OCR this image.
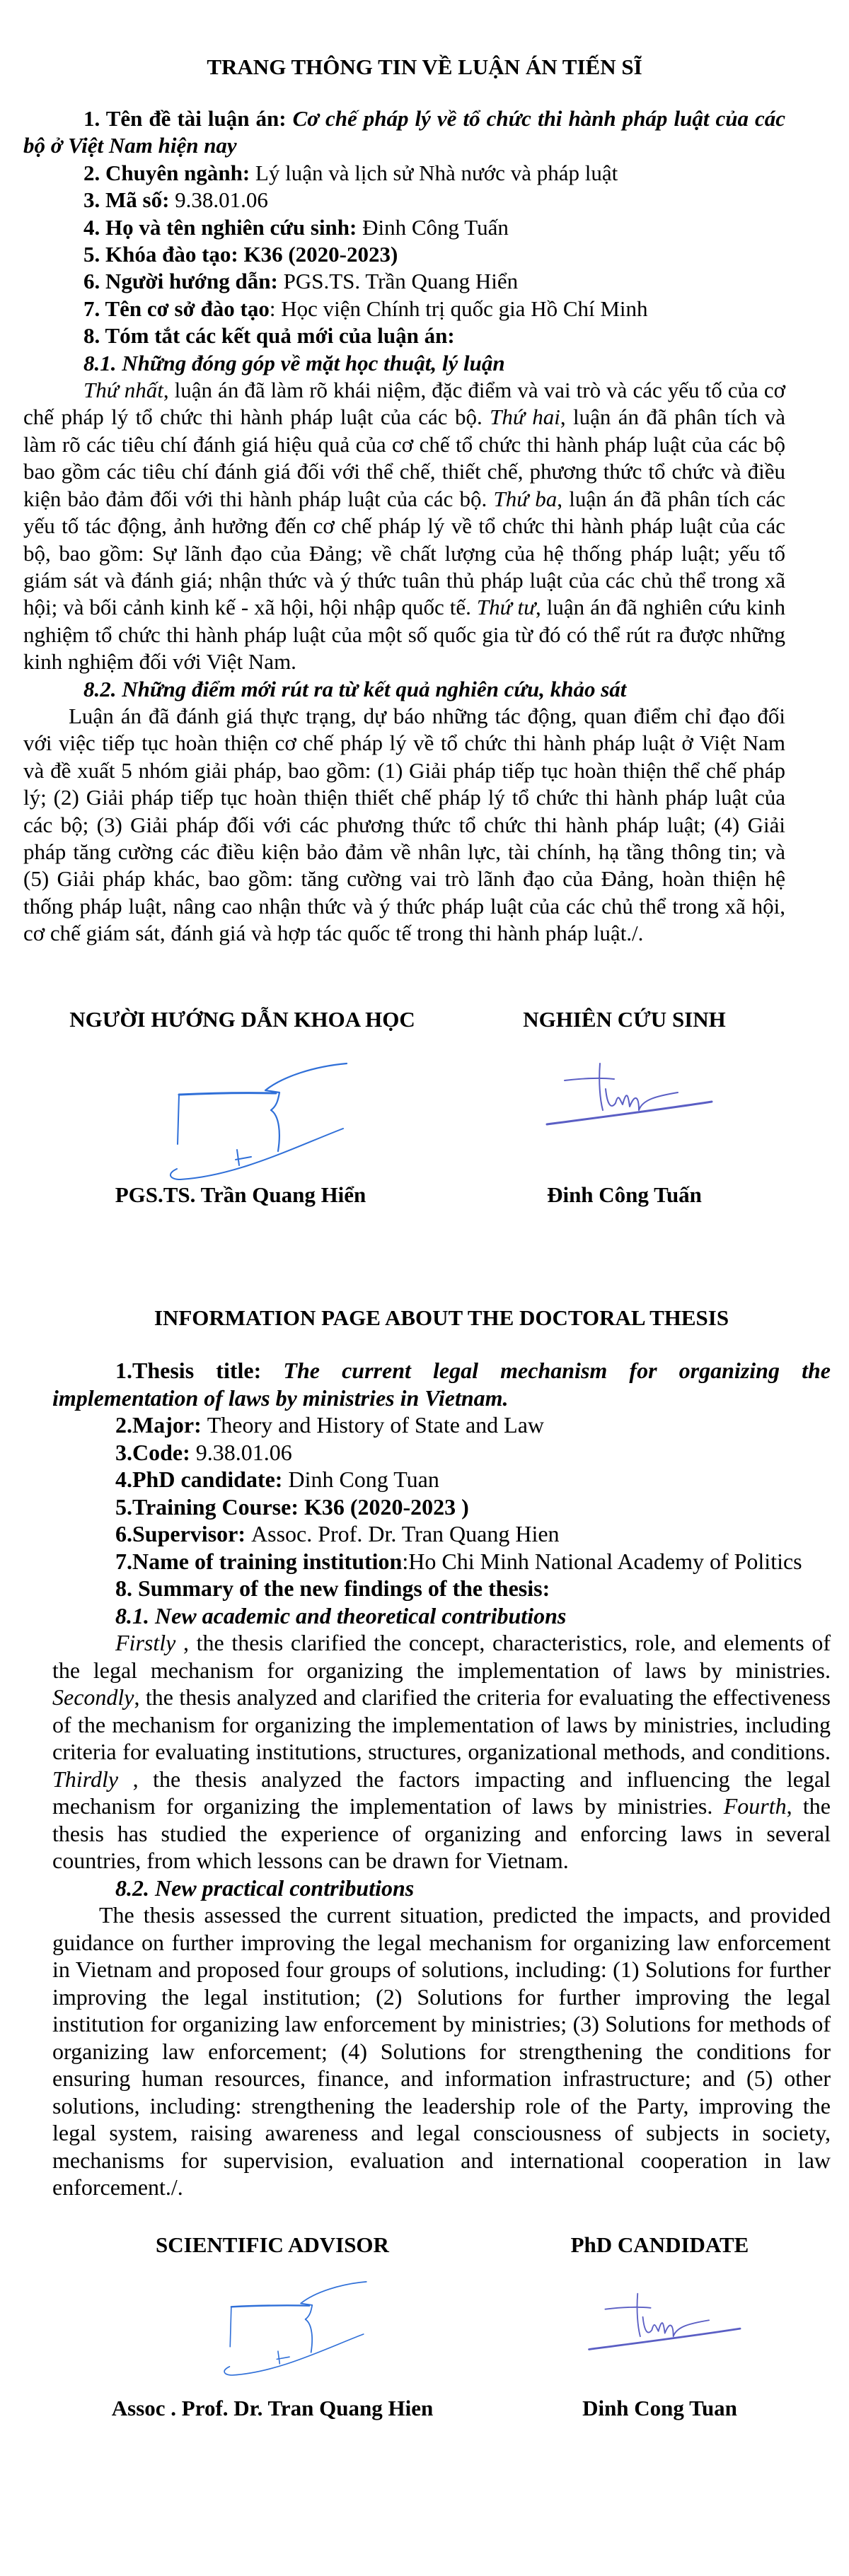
TRANG THÔNG TIN VỀ LUẬN ÁN TIẾN SĨ

1. Tên đề tài luận án: Cơ chế pháp lý về tổ chức thi hành pháp luật của các bộ ở Việt Nam hiện nay

2. Chuyên ngành: Lý luận và lịch sử Nhà nước và pháp luật

3. Mã số: 9.38.01.06

4. Họ và tên nghiên cứu sinh: Đinh Công Tuấn

5. Khóa đào tạo: K36 (2020-2023)

6. Người hướng dẫn: PGS.TS. Trần Quang Hiển

7. Tên cơ sở đào tạo: Học viện Chính trị quốc gia Hồ Chí Minh

8. Tóm tắt các kết quả mới của luận án:

8.1. Những đóng góp về mặt học thuật, lý luận

Thứ nhất, luận án đã làm rõ khái niệm, đặc điểm và vai trò và các yếu tố của cơ chế pháp lý tổ chức thi hành pháp luật của các bộ. Thứ hai, luận án đã phân tích và làm rõ các tiêu chí đánh giá hiệu quả của cơ chế tổ chức thi hành pháp luật của các bộ bao gồm các tiêu chí đánh giá đối với thể chế, thiết chế, phương thức tổ chức và điều kiện bảo đảm đối với thi hành pháp luật của các bộ. Thứ ba, luận án đã phân tích các yếu tố tác động, ảnh hưởng đến cơ chế pháp lý về tổ chức thi hành pháp luật của các bộ, bao gồm: Sự lãnh đạo của Đảng; về chất lượng của hệ thống pháp luật; yếu tố giám sát và đánh giá; nhận thức và ý thức tuân thủ pháp luật của các chủ thể trong xã hội; và bối cảnh kinh kế - xã hội, hội nhập quốc tế. Thứ tư, luận án đã nghiên cứu kinh nghiệm tổ chức thi hành pháp luật của một số quốc gia từ đó có thể rút ra được những kinh nghiệm đối với Việt Nam.

8.2. Những điểm mới rút ra từ kết quả nghiên cứu, khảo sát

Luận án đã đánh giá thực trạng, dự báo những tác động, quan điểm chỉ đạo đối với việc tiếp tục hoàn thiện cơ chế pháp lý về tổ chức thi hành pháp luật ở Việt Nam và đề xuất 5 nhóm giải pháp, bao gồm: (1) Giải pháp tiếp tục hoàn thiện thể chế pháp lý; (2) Giải pháp tiếp tục hoàn thiện thiết chế pháp lý tổ chức thi hành pháp luật của các bộ; (3) Giải pháp đối với các phương thức tổ chức thi hành pháp luật; (4) Giải pháp tăng cường các điều kiện bảo đảm về nhân lực, tài chính, hạ tầng thông tin; và (5) Giải pháp khác, bao gồm: tăng cường vai trò lãnh đạo của Đảng, hoàn thiện hệ thống pháp luật, nâng cao nhận thức và ý thức pháp luật của các chủ thể trong xã hội, cơ chế giám sát, đánh giá và hợp tác quốc tế trong thi hành pháp luật./.

NGƯỜI HƯỚNG DẪN KHOA HỌC	NGHIÊN CỨU SINH
PGS.TS. Trần Quang Hiển	Đinh Công Tuấn
INFORMATION PAGE ABOUT THE DOCTORAL THESIS

1.Thesis title: The current legal mechanism for organizing the implementation of laws by ministries in Vietnam.

2.Major: Theory and History of State and Law

3.Code: 9.38.01.06

4.PhD candidate: Dinh Cong Tuan

5.Training Course: K36 (2020-2023 )

6.Supervisor: Assoc. Prof. Dr. Tran Quang Hien

7.Name of training institution:Ho Chi Minh National Academy of Politics

8. Summary of the new findings of the thesis:

8.1. New academic and theoretical contributions

Firstly , the thesis clarified the concept, characteristics, role, and elements of the legal mechanism for organizing the implementation of laws by ministries. Secondly, the thesis analyzed and clarified the criteria for evaluating the effectiveness of the mechanism for organizing the implementation of laws by ministries, including criteria for evaluating institutions, structures, organizational methods, and conditions. Thirdly , the thesis analyzed the factors impacting and influencing the legal mechanism for organizing the implementation of laws by ministries. Fourth, the thesis has studied the experience of organizing and enforcing laws in several countries, from which lessons can be drawn for Vietnam.

8.2. New practical contributions

The thesis assessed the current situation, predicted the impacts, and provided guidance on further improving the legal mechanism for organizing law enforcement in Vietnam and proposed four groups of solutions, including: (1) Solutions for further improving the legal institution; (2) Solutions for further improving the legal institution for organizing law enforcement by ministries; (3) Solutions for methods of organizing law enforcement; (4) Solutions for strengthening the conditions for ensuring human resources, finance, and information infrastructure; and (5) other solutions, including: strengthening the leadership role of the Party, improving the legal system, raising awareness and legal consciousness of subjects in society, mechanisms for supervision, evaluation and international cooperation in law enforcement./.

SCIENTIFIC ADVISOR	PhD CANDIDATE
Assoc . Prof. Dr. Tran Quang Hien	Dinh Cong Tuan
